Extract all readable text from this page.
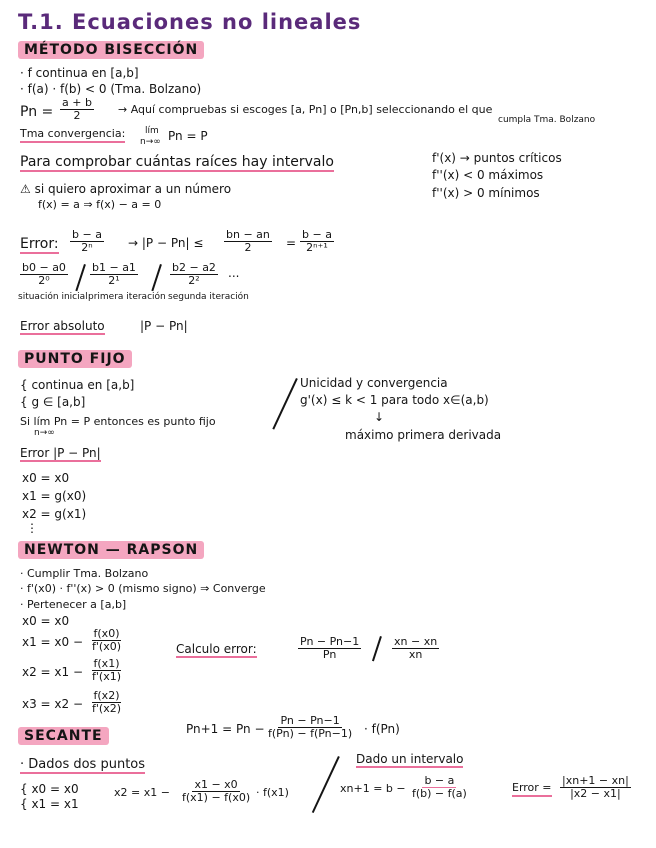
T.1. Ecuaciones no lineales
MÉTODO BISECCIÓN
· f continua en [a,b]
· f(a) · f(b) < 0 (Tma. Bolzano)
$Pn = \frac{a + b}{2}$ → Aquí compruebas si escoges [a, Pn] o [Pn,b] seleccionando el que
cumpla Tma. Bolzano
Tma convergencia: lím
n→∞ Pn = P
Para comprobar cuántas raíces hay intervalo	f'(x) → puntos críticos
f''(x) < 0 máximos
f''(x) > 0 mínimos
⚠ si quiero aproximar a un número
f(x) = a ⇒ f(x) − a = 0
Error: $\frac{b - a}{\text{2ⁿ}} \to |P - Pn| \le \frac{bn - an}{2} = \frac{b - a}{\text{2ⁿ⁺¹}}$
$\frac{b0 - a0}{\text{2⁰}} \frac{b1 - a1}{\text{2¹}}$	$\frac{b2 - a2}{\text{2²}}$ ...
situación inicial primera iteración segunda iteración
Error absoluto	|P − Pn|
PUNTO FIJO
{ continua en [a,b]
{ g ∈ [a,b]
Si lím Pn = P entonces es punto fijo
n→∞
Unicidad y convergencia
g'(x) ≤ k < 1 para todo x∈(a,b)
↓
máximo primera derivada
Error |P − Pn|
x0 = x0
x1 = g(x0)
x2 = g(x1)
⋮
NEWTON — RAPSON
· Cumplir Tma. Bolzano
· f'(x0) · f''(x) > 0 (mismo signo) ⇒ Converge
· Pertenecer a [a,b]
x0 = x0
$x1 = x0 - \frac{f(x0)}{f'(x0)}$
$x2 = x1 - \frac{f(x1)}{f'(x1)}$
$x3 = x2 - \frac{f(x2)}{f'(x2)}$
Calculo error:	$\frac{Pn - Pn-1}{Pn}$	$\frac{xn - xn}{xn}$
SECANTE	$Pn+1 = Pn - \frac{Pn - Pn-1}{f(Pn) - f(Pn-1)} \cdot f(Pn)$
· Dados dos puntos
{ x0 = x0
{ x1 = x1
$x2 = x1 - \frac{x1 - x0}{f(x1) - f(x0)} \cdot f(x1)$
Dado un intervalo
$xn+1 = b - \frac{b - a}{f(b) - f(a)}$	Error = $\frac{|xn+1 - xn|}{|x2 - x1|}$
